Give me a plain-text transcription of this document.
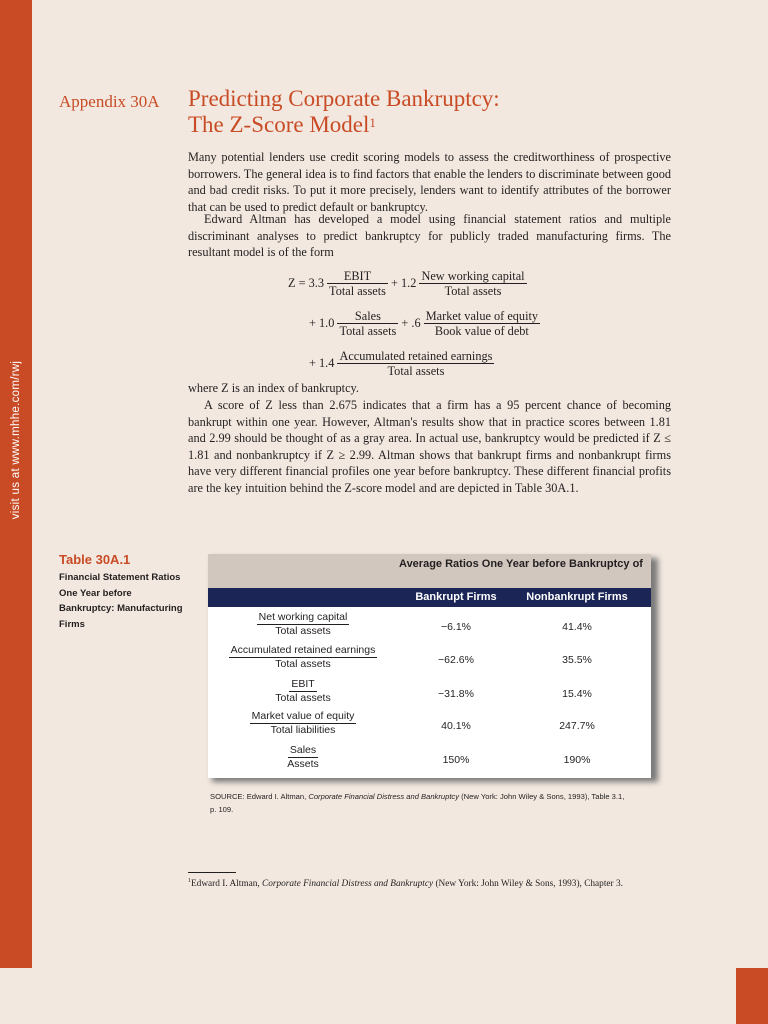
visit us at www.mhhe.com/rwj
Appendix 30A Predicting Corporate Bankruptcy:
The Z-Score Model$^1$

Many potential lenders use credit scoring models to assess the creditworthiness of prospective borrowers. The general idea is to find factors that enable the lenders to discriminate between good and bad credit risks. To put it more precisely, lenders want to identify attributes of the borrower that can be used to predict default or bankruptcy.

Edward Altman has developed a model using financial statement ratios and multiple discriminant analyses to predict bankruptcy for publicly traded manufacturing firms. The resultant model is of the form

$Z = 3.3 \frac{\text{EBIT}}{\text{Total assets}} + 1.2 \frac{\text{New working capital}}{\text{Total assets}}$
+ $1.0 \frac{\text{Sales}}{\text{Total assets}} + .6 \frac{\text{Market value of equity}}{\text{Book value of debt}}$
+ $1.4 \frac{\text{Accumulated retained earnings}}{\text{Total assets}}$

where Z is an index of bankruptcy.

A score of Z less than 2.675 indicates that a firm has a 95 percent chance of becoming bankrupt within one year. However, Altman's results show that in practice scores between 1.81 and 2.99 should be thought of as a gray area. In actual use, bankruptcy would be predicted if Z ≤ 1.81 and nonbankruptcy if Z ≥ 2.99. Altman shows that bankrupt firms and nonbankrupt firms have very different financial profiles one year before bankruptcy. These different financial profits are the key intuition behind the Z-score model and are depicted in Table 30A.1.

Table 30A.1
Financial Statement Ratios One Year before Bankruptcy: Manufacturing Firms
Average Ratios One Year before Bankruptcy of
Bankrupt Firms	Nonbankrupt Firms
Net working capital
Total assets	−6.1%	41.4%
Accumulated retained earnings
Total assets	−62.6%	35.5%
EBIT
Total assets	−31.8%	15.4%
Market value of equity
Total liabilities	40.1%	247.7%
Sales
Assets	150%	190%
SOURCE: Edward I. Altman, Corporate Financial Distress and Bankruptcy (New York: John Wiley & Sons, 1993), Table 3.1, p. 109.
$^1$Edward I. Altman, Corporate Financial Distress and Bankruptcy (New York: John Wiley & Sons, 1993), Chapter 3.
